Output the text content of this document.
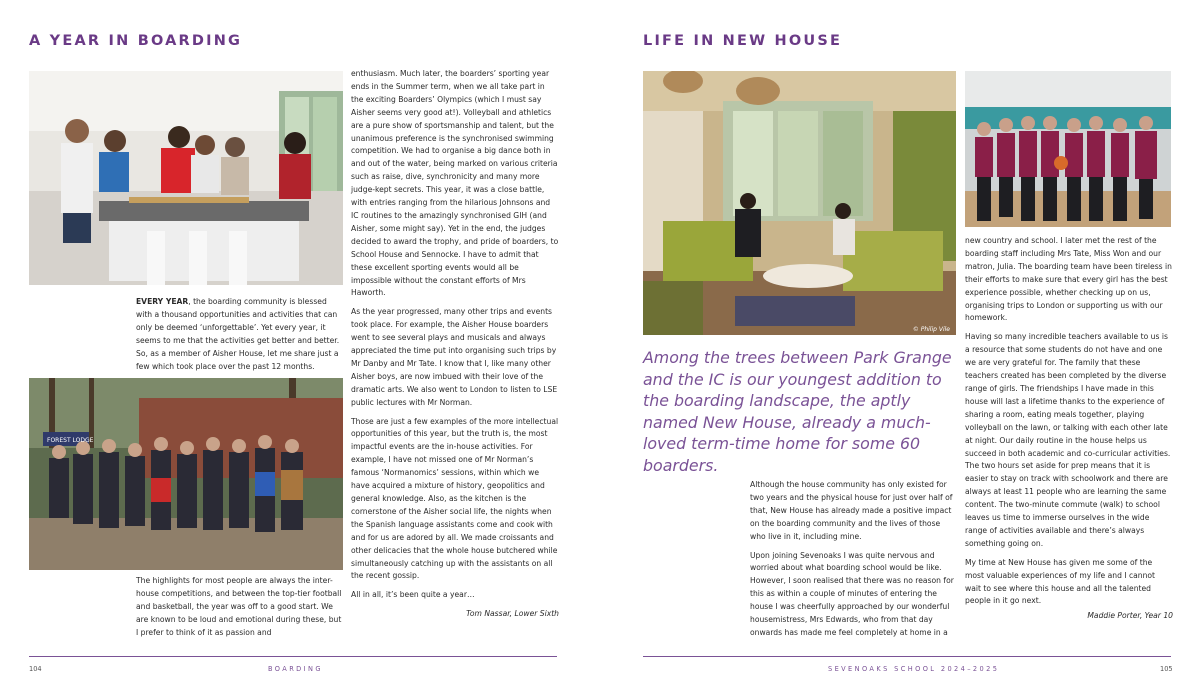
A YEAR IN BOARDING

EVERY YEAR, the boarding community is blessed with a thousand opportunities and activities that can only be deemed ‘unforgettable’. Yet every year, it seems to me that the activities get better and better. So, as a member of Aisher House, let me share just a few which took place over the past 12 months.

FOREST LODGE

The highlights for most people are always the inter-house competitions, and between the top-tier football and basketball, the year was off to a good start. We are known to be loud and emotional during these, but I prefer to think of it as passion and

enthusiasm. Much later, the boarders’ sporting year ends in the Summer term, when we all take part in the exciting Boarders’ Olympics (which I must say Aisher seems very good at!). Volleyball and athletics are a pure show of sportsmanship and talent, but the unanimous preference is the synchronised swimming competition. We had to organise a big dance both in and out of the water, being marked on various criteria such as raise, dive, synchronicity and many more judge-kept secrets. This year, it was a close battle, with entries ranging from the hilarious Johnsons and IC routines to the amazingly synchronised GIH (and Aisher, some might say). Yet in the end, the judges decided to award the trophy, and pride of boarders, to School House and Sennocke. I have to admit that these excellent sporting events would all be impossible without the constant efforts of Mrs Haworth.

As the year progressed, many other trips and events took place. For example, the Aisher House boarders went to see several plays and musicals and always appreciated the time put into organising such trips by Mr Danby and Mr Tate. I know that I, like many other Aisher boys, are now imbued with their love of the dramatic arts. We also went to London to listen to LSE public lectures with Mr Norman.

Those are just a few examples of the more intellectual opportunities of this year, but the truth is, the most impactful events are the in-house activities. For example, I have not missed one of Mr Norman’s famous ‘Normanomics’ sessions, within which we have acquired a mixture of history, geopolitics and general knowledge. Also, as the kitchen is the cornerstone of the Aisher social life, the nights when the Spanish language assistants come and cook with and for us are adored by all. We made croissants and other delicacies that the whole house butchered while simultaneously catching up with the assistants on all the recent gossip.

All in all, it’s been quite a year…

Tom Nassar, Lower Sixth
104	BOARDING
LIFE IN NEW HOUSE
© Philip Vile
Among the trees between Park Grange and the IC is our youngest addition to the boarding landscape, the aptly named New House, already a much-loved term-time home for some 60 boarders.

Although the house community has only existed for two years and the physical house for just over half of that, New House has already made a positive impact on the boarding community and the lives of those who live in it, including mine.

Upon joining Sevenoaks I was quite nervous and worried about what boarding school would be like. However, I soon realised that there was no reason for this as within a couple of minutes of entering the house I was cheerfully approached by our wonderful housemistress, Mrs Edwards, who from that day onwards has made me feel completely at home in a

new country and school. I later met the rest of the boarding staff including Mrs Tate, Miss Won and our matron, Julia. The boarding team have been tireless in their efforts to make sure that every girl has the best experience possible, whether checking up on us, organising trips to London or supporting us with our homework.

Having so many incredible teachers available to us is a resource that some students do not have and one we are very grateful for. The family that these teachers created has been completed by the diverse range of girls. The friendships I have made in this house will last a lifetime thanks to the experience of sharing a room, eating meals together, playing volleyball on the lawn, or talking with each other late at night. Our daily routine in the house helps us succeed in both academic and co-curricular activities. The two hours set aside for prep means that it is easier to stay on track with schoolwork and there are always at least 11 people who are learning the same content. The two-minute commute (walk) to school leaves us time to immerse ourselves in the wide range of activities available and there’s always something going on.

My time at New House has given me some of the most valuable experiences of my life and I cannot wait to see where this house and all the talented people in it go next.

Maddie Porter, Year 10
SEVENOAKS SCHOOL 2024–2025	105
